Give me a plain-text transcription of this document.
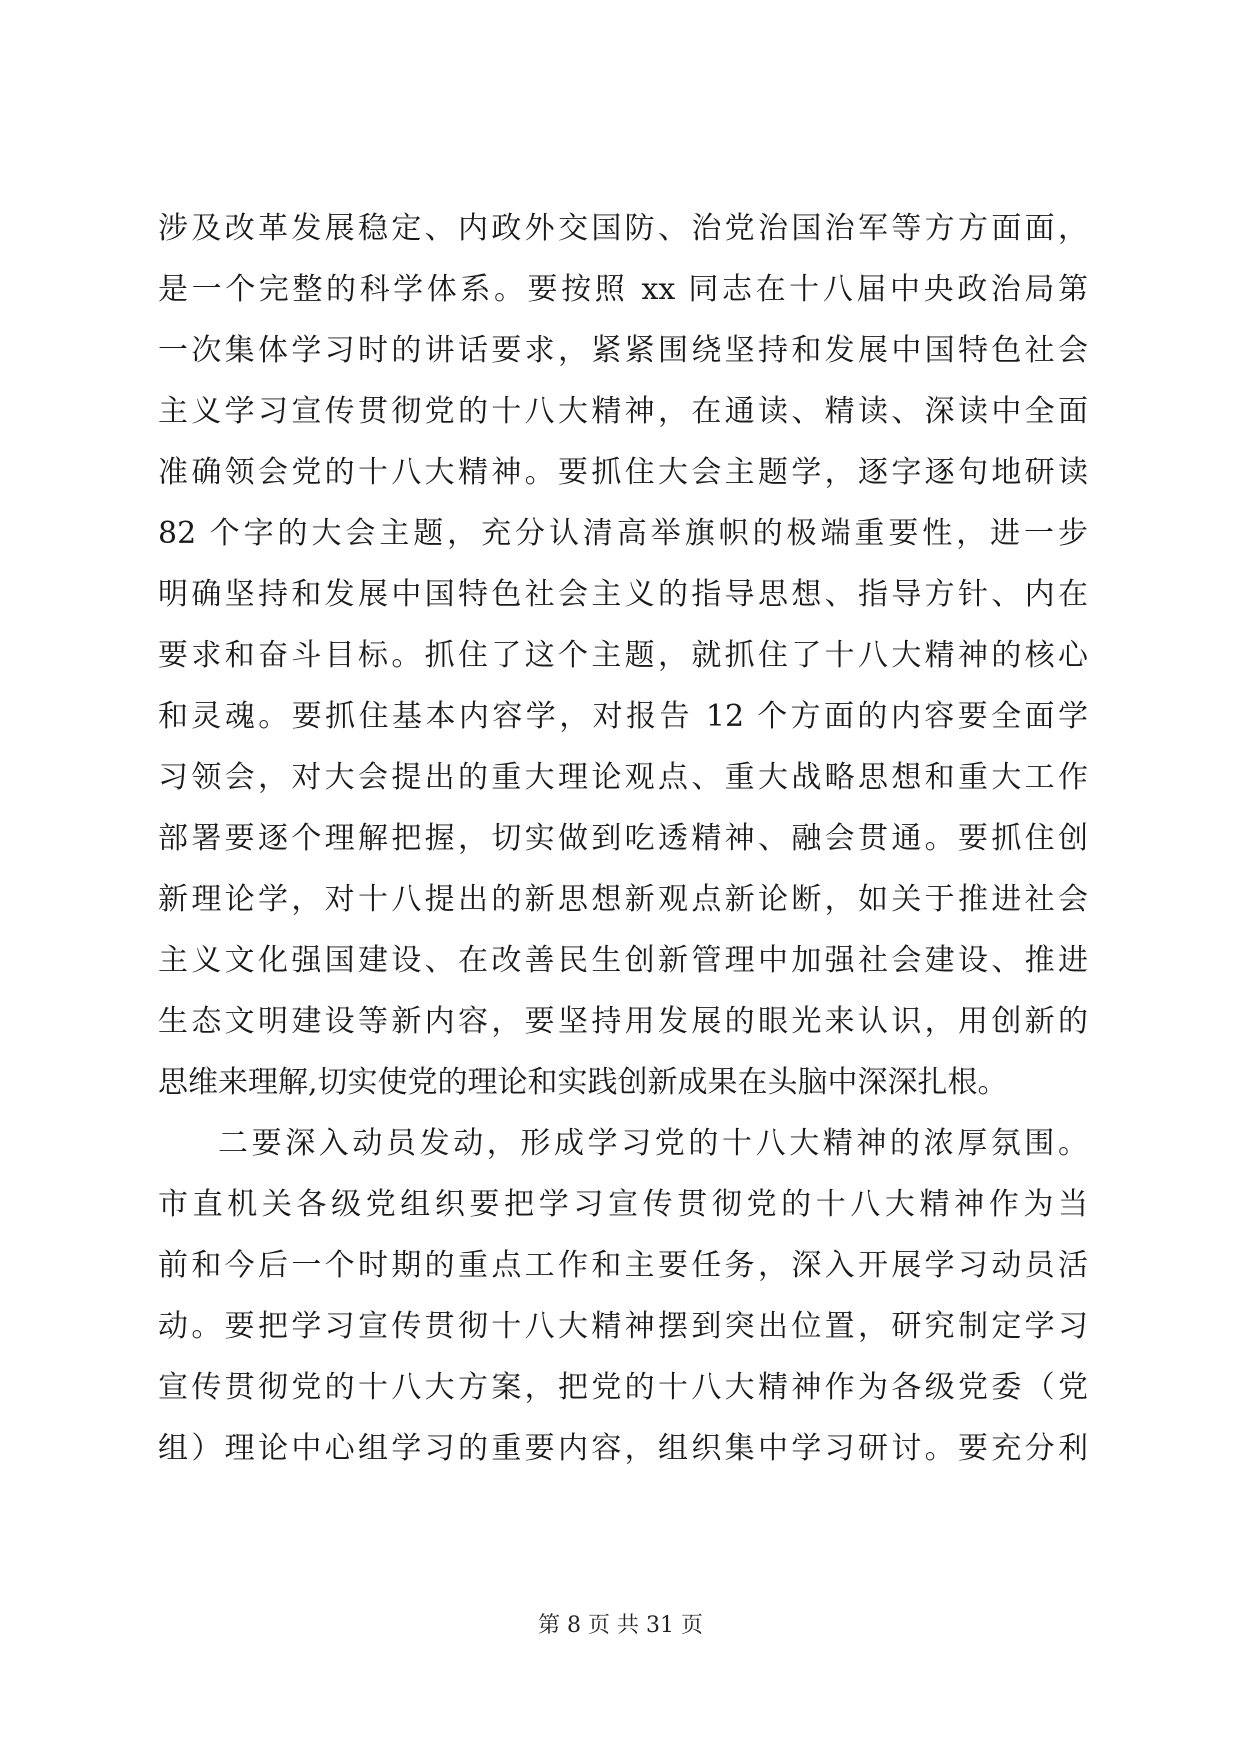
涉及改革发展稳定、内政外交国防、治党治国治军等方方面面，
是一个完整的科学体系。要按照 xx 同志在十八届中央政治局第
一次集体学习时的讲话要求，紧紧围绕坚持和发展中国特色社会
主义学习宣传贯彻党的十八大精神，在通读、精读、深读中全面
准确领会党的十八大精神。要抓住大会主题学，逐字逐句地研读
82 个字的大会主题，充分认清高举旗帜的极端重要性，进一步
明确坚持和发展中国特色社会主义的指导思想、指导方针、内在
要求和奋斗目标。抓住了这个主题，就抓住了十八大精神的核心
和灵魂。要抓住基本内容学，对报告 12 个方面的内容要全面学
习领会，对大会提出的重大理论观点、重大战略思想和重大工作
部署要逐个理解把握，切实做到吃透精神、融会贯通。要抓住创
新理论学，对十八提出的新思想新观点新论断，如关于推进社会
主义文化强国建设、在改善民生创新管理中加强社会建设、推进
生态文明建设等新内容，要坚持用发展的眼光来认识，用创新的
思维来理解,切实使党的理论和实践创新成果在头脑中深深扎根。
二要深入动员发动，形成学习党的十八大精神的浓厚氛围。
市直机关各级党组织要把学习宣传贯彻党的十八大精神作为当
前和今后一个时期的重点工作和主要任务，深入开展学习动员活
动。要把学习宣传贯彻十八大精神摆到突出位置，研究制定学习
宣传贯彻党的十八大方案，把党的十八大精神作为各级党委（党
组）理论中心组学习的重要内容，组织集中学习研讨。要充分利
第 8 页 共 31 页
